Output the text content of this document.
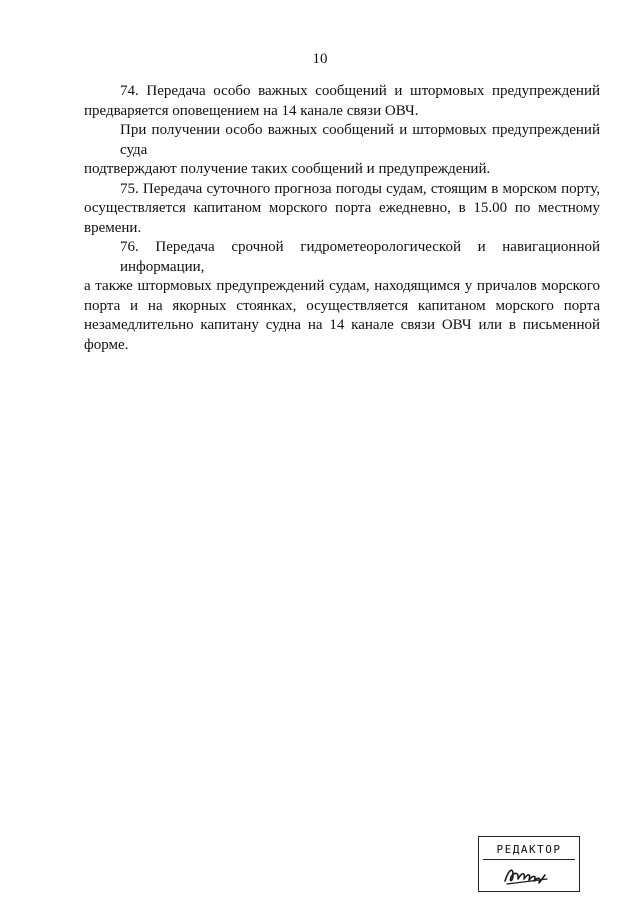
10
74. Передача особо важных сообщений и штормовых предупреждений
предваряется оповещением на 14 канале связи ОВЧ.
При получении особо важных сообщений и штормовых предупреждений суда
подтверждают получение таких сообщений и предупреждений.
75. Передача суточного прогноза погоды судам, стоящим в морском порту,
осуществляется капитаном морского порта ежедневно, в 15.00 по местному времени.
76. Передача срочной гидрометеорологической и навигационной информации,
а также штормовых предупреждений судам, находящимся у причалов морского
порта и на якорных стоянках, осуществляется капитаном морского порта
незамедлительно капитану судна на 14 канале связи ОВЧ или в письменной форме.
РЕДАКТОР
